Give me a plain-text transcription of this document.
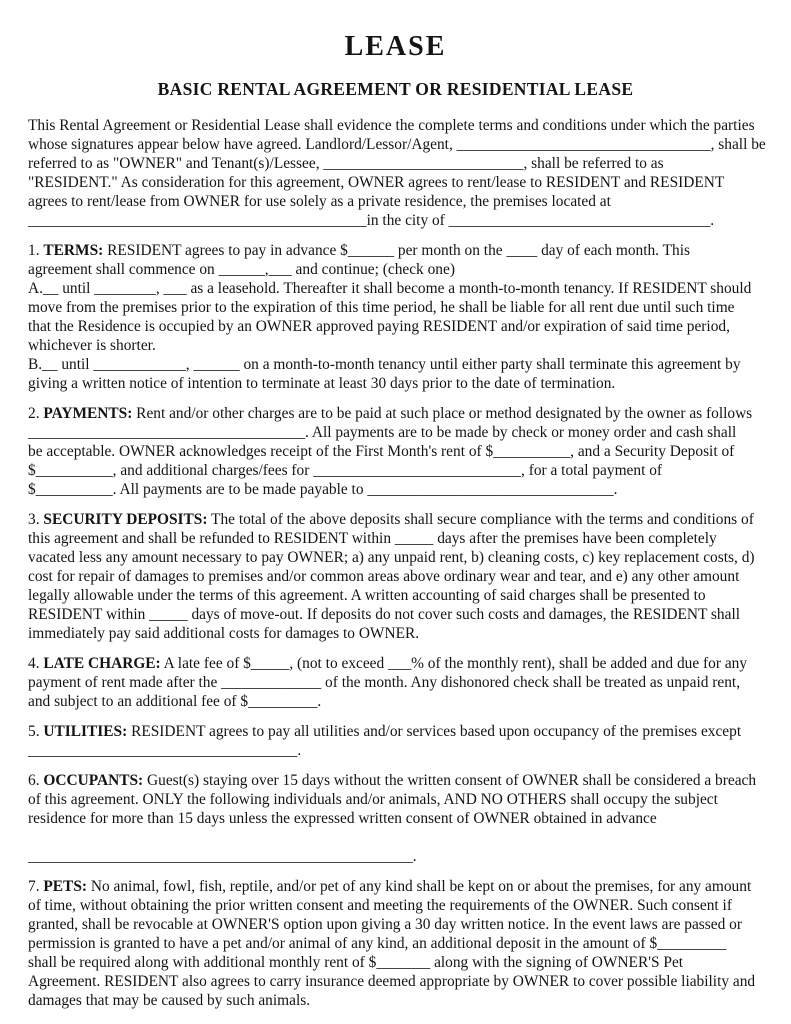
LEASE
BASIC RENTAL AGREEMENT OR RESIDENTIAL LEASE
This Rental Agreement or Residential Lease shall evidence the complete terms and conditions under which the parties
whose signatures appear below have agreed. Landlord/Lessor/Agent, _________________________________, shall be
referred to as "OWNER" and Tenant(s)/Lessee, __________________________, shall be referred to as
"RESIDENT." As consideration for this agreement, OWNER agrees to rent/lease to RESIDENT and RESIDENT
agrees to rent/lease from OWNER for use solely as a private residence, the premises located at
____________________________________________in the city of __________________________________.
1. TERMS: RESIDENT agrees to pay in advance $______ per month on the ____ day of each month. This
agreement shall commence on ______,___ and continue; (check one)
A.__ until ________, ___ as a leasehold. Thereafter it shall become a month-to-month tenancy. If RESIDENT should
move from the premises prior to the expiration of this time period, he shall be liable for all rent due until such time
that the Residence is occupied by an OWNER approved paying RESIDENT and/or expiration of said time period,
whichever is shorter.
B.__ until ____________, ______ on a month-to-month tenancy until either party shall terminate this agreement by
giving a written notice of intention to terminate at least 30 days prior to the date of termination.
2. PAYMENTS: Rent and/or other charges are to be paid at such place or method designated by the owner as follows
____________________________________. All payments are to be made by check or money order and cash shall
be acceptable. OWNER acknowledges receipt of the First Month's rent of $__________, and a Security Deposit of
$__________, and additional charges/fees for ___________________________, for a total payment of
$__________. All payments are to be made payable to ________________________________.
3. SECURITY DEPOSITS: The total of the above deposits shall secure compliance with the terms and conditions of
this agreement and shall be refunded to RESIDENT within _____ days after the premises have been completely
vacated less any amount necessary to pay OWNER; a) any unpaid rent, b) cleaning costs, c) key replacement costs, d)
cost for repair of damages to premises and/or common areas above ordinary wear and tear, and e) any other amount
legally allowable under the terms of this agreement. A written accounting of said charges shall be presented to
RESIDENT within _____ days of move-out. If deposits do not cover such costs and damages, the RESIDENT shall
immediately pay said additional costs for damages to OWNER.
4. LATE CHARGE: A late fee of $_____, (not to exceed ___% of the monthly rent), shall be added and due for any
payment of rent made after the _____________ of the month. Any dishonored check shall be treated as unpaid rent,
and subject to an additional fee of $_________.
5. UTILITIES: RESIDENT agrees to pay all utilities and/or services based upon occupancy of the premises except
___________________________________.
6. OCCUPANTS: Guest(s) staying over 15 days without the written consent of OWNER shall be considered a breach
of this agreement. ONLY the following individuals and/or animals, AND NO OTHERS shall occupy the subject
residence for more than 15 days unless the expressed written consent of OWNER obtained in advance

__________________________________________________.
7. PETS: No animal, fowl, fish, reptile, and/or pet of any kind shall be kept on or about the premises, for any amount
of time, without obtaining the prior written consent and meeting the requirements of the OWNER. Such consent if
granted, shall be revocable at OWNER'S option upon giving a 30 day written notice. In the event laws are passed or
permission is granted to have a pet and/or animal of any kind, an additional deposit in the amount of $_________
shall be required along with additional monthly rent of $_______ along with the signing of OWNER'S Pet
Agreement. RESIDENT also agrees to carry insurance deemed appropriate by OWNER to cover possible liability and
damages that may be caused by such animals.
